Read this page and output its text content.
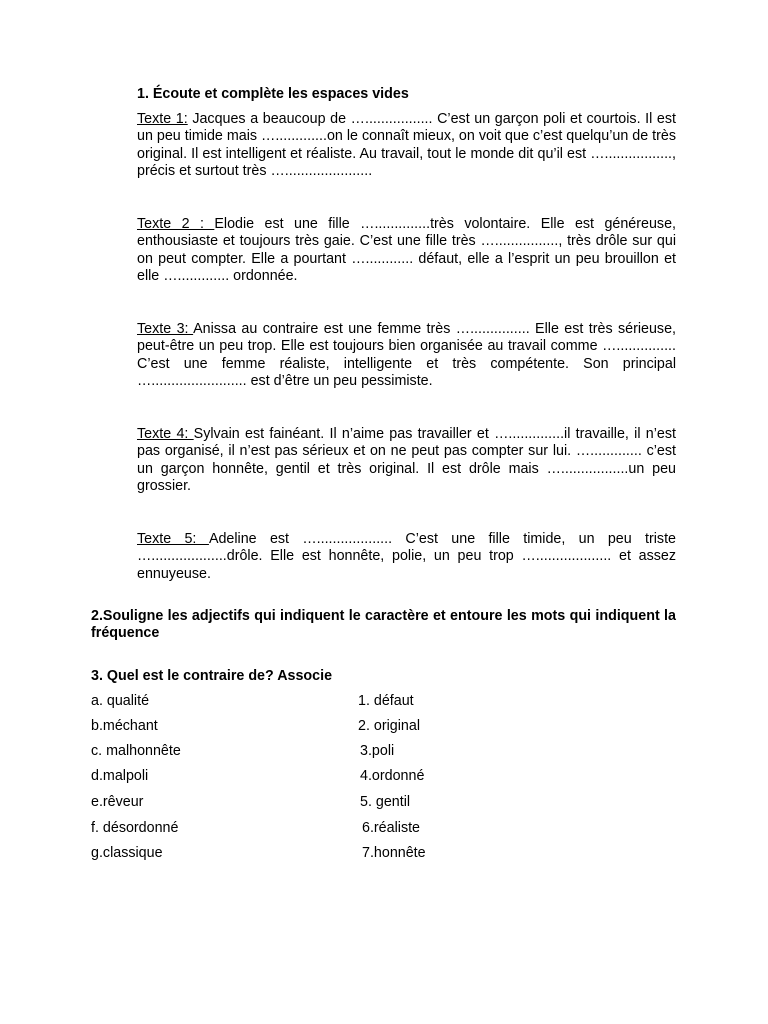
1. Écoute et complète les espaces vides
Texte 1: Jacques a beaucoup de …................. C’est un garçon poli et courtois. Il est un peu timide mais ….............on le connaît mieux, on voit que c’est quelqu’un de très original. Il est intelligent et réaliste. Au travail, tout le monde dit qu’il est …................., précis et surtout très …......................
Texte 2 : Elodie est une fille …..............très volontaire. Elle est généreuse, enthousiaste et toujours très gaie. C’est une fille très …................, très drôle sur qui on peut compter. Elle a pourtant …............ défaut, elle a l’esprit un peu brouillon et elle …............. ordonnée.
Texte 3: Anissa au contraire est une femme très …............... Elle est très sérieuse, peut-être un peu trop. Elle est toujours bien organisée au travail comme …............... C’est une femme réaliste, intelligente et très compétente. Son principal …........................ est d’être un peu pessimiste.
Texte 4: Sylvain est fainéant. Il n’aime pas travailler et …..............il travaille, il n’est pas organisé, il n’est pas sérieux et on ne peut pas compter sur lui. …............. c’est un garçon honnête, gentil et très original. Il est drôle mais ….................un peu grossier.
Texte 5: Adeline est …................... C’est une fille timide, un peu triste …...................drôle. Elle est honnête, polie, un peu trop …................... et assez ennuyeuse.
2.Souligne les adjectifs qui indiquent le caractère et entoure les mots qui indiquent la fréquence
3. Quel est le contraire de? Associe
a. qualité
b.méchant
c. malhonnête
d.malpoli
e.rêveur
f. désordonné
g.classique
1. défaut
2. original
3.poli
4.ordonné
5. gentil
6.réaliste
7.honnête
